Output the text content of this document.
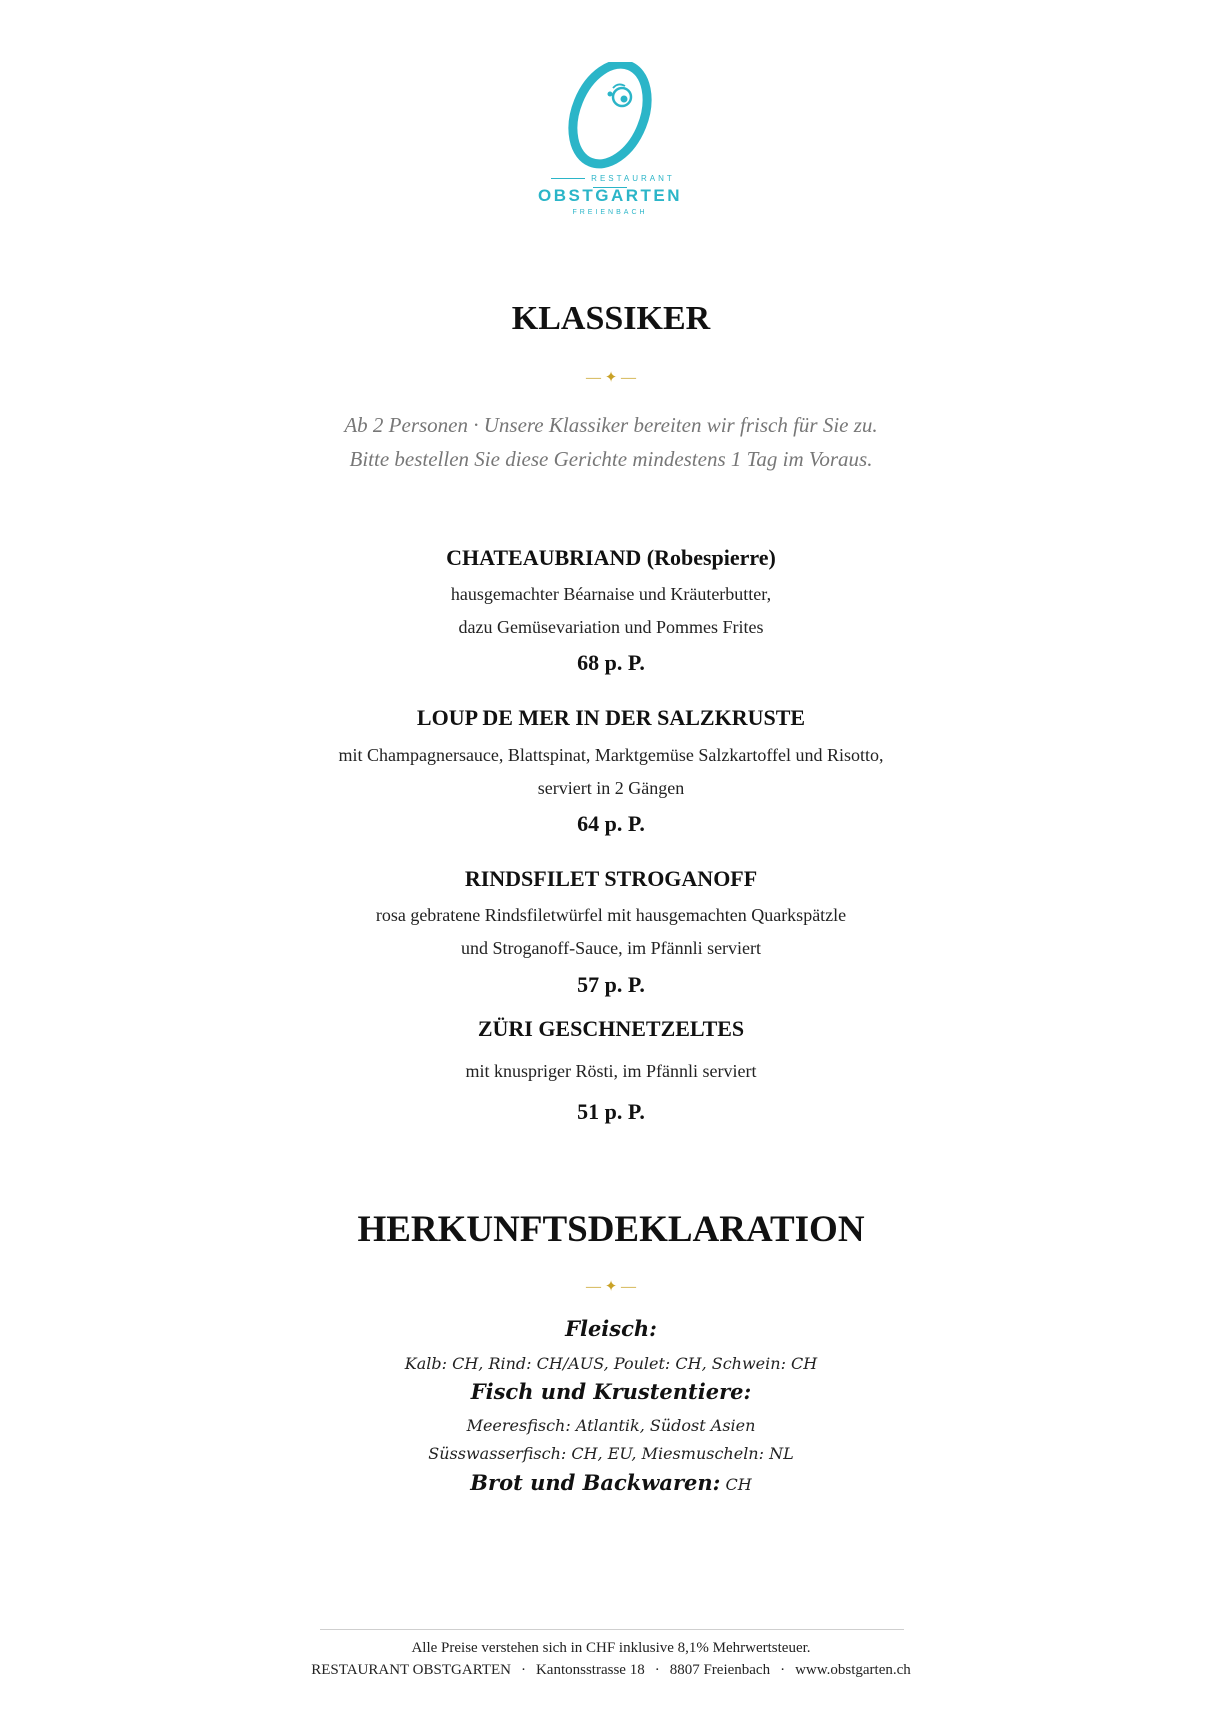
RESTAURANT
OBSTGARTEN
FREIENBACH
KLASSIKER
— ✦ —
Ab 2 Personen · Unsere Klassiker bereiten wir frisch für Sie zu.
Bitte bestellen Sie diese Gerichte mindestens 1 Tag im Voraus.
CHATEAUBRIAND (Robespierre)
hausgemachter Béarnaise und Kräuterbutter,
dazu Gemüsevariation und Pommes Frites
68 p. P.
LOUP DE MER IN DER SALZKRUSTE
mit Champagnersauce, Blattspinat, Marktgemüse Salzkartoffel und Risotto,
serviert in 2 Gängen
64 p. P.
RINDSFILET STROGANOFF
rosa gebratene Rindsfiletwürfel mit hausgemachten Quarkspätzle
und Stroganoff-Sauce, im Pfännli serviert
57 p. P.
ZÜRI GESCHNETZELTES
mit knuspriger Rösti, im Pfännli serviert
51 p. P.
HERKUNFTSDEKLARATION
— ✦ —
Fleisch:
Kalb: CH, Rind: CH/AUS, Poulet: CH, Schwein: CH
Fisch und Krustentiere:
Meeresfisch: Atlantik, Südost Asien
Süsswasserfisch: CH, EU, Miesmuscheln: NL
Brot und Backwaren: CH
Alle Preise verstehen sich in CHF inklusive 8,1% Mehrwertsteuer.
RESTAURANT OBSTGARTEN · Kantonsstrasse 18 · 8807 Freienbach · www.obstgarten.ch
